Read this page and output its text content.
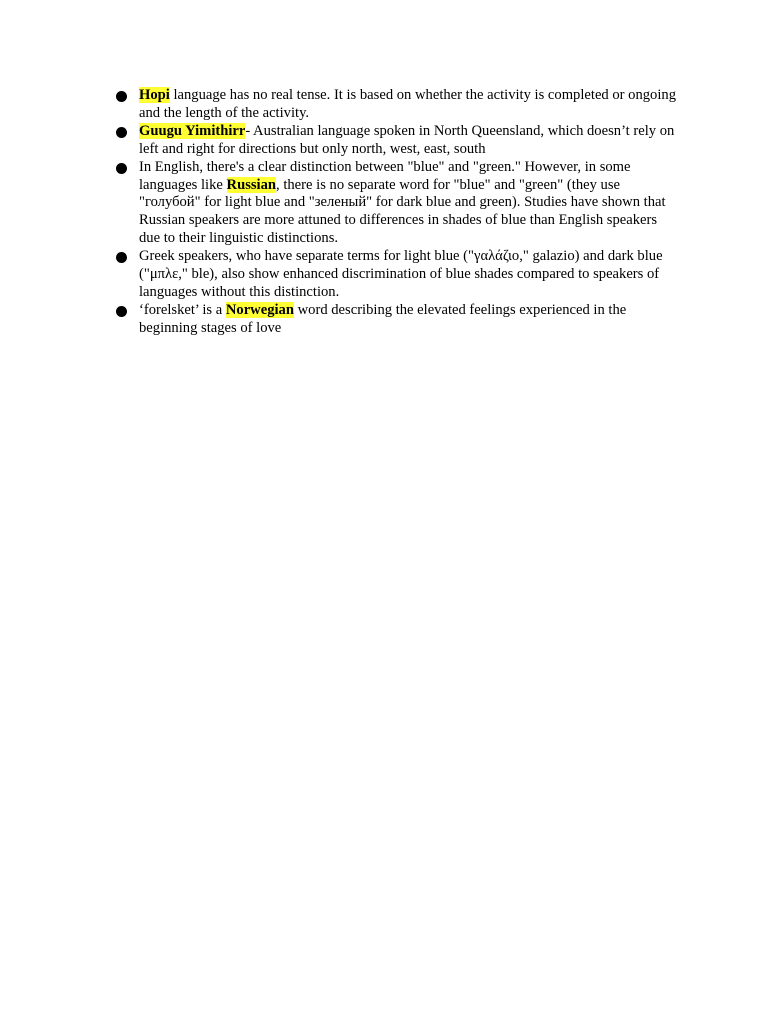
Hopi language has no real tense. It is based on whether the activity is completed or ongoing and the length of the activity.
Guugu Yimithirr- Australian language spoken in North Queensland, which doesn’t rely on left and right for directions but only north, west, east, south
In English, there's a clear distinction between "blue" and "green." However, in some languages like Russian, there is no separate word for "blue" and "green" (they use "голубой" for light blue and "зеленый" for dark blue and green). Studies have shown that Russian speakers are more attuned to differences in shades of blue than English speakers due to their linguistic distinctions.
Greek speakers, who have separate terms for light blue ("γαλάζιο," galazio) and dark blue ("μπλε," ble), also show enhanced discrimination of blue shades compared to speakers of languages without this distinction.
‘forelsket’ is a Norwegian word describing the elevated feelings experienced in the beginning stages of love
